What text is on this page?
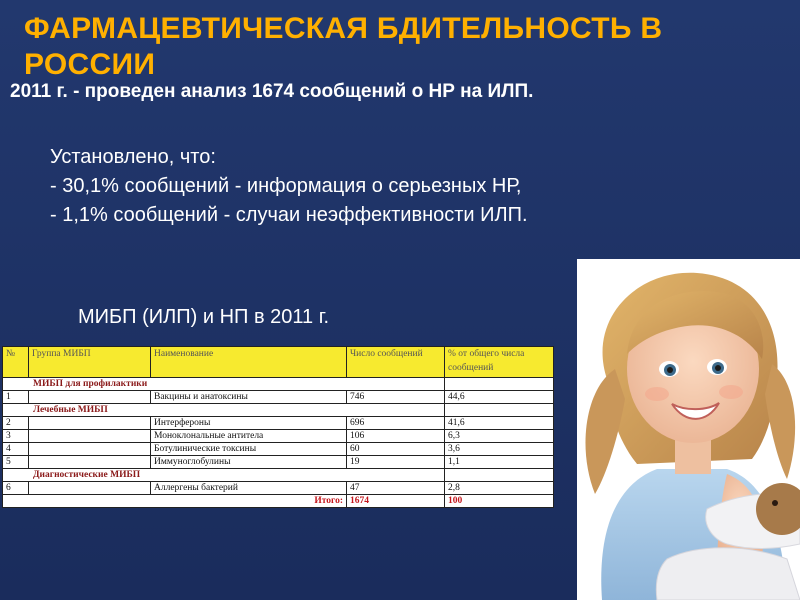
ФАРМАЦЕВТИЧЕСКАЯ БДИТЕЛЬНОСТЬ В РОССИИ

2011 г. - проведен анализ 1674 сообщений о НР на ИЛП.

Установлено, что:
- 30,1% сообщений - информация о серьезных НР,
- 1,1% сообщений - случаи неэффективности ИЛП.
МИБП (ИЛП) и НП в 2011 г.
№	Группа МИБП	Наименование	Число сообщений	% от общего числа сообщений
МИБП для профилактики				
1		Вакцины и анатоксины	746	44,6
Лечебные МИБП				
2		Интерфероны	696	41,6
3		Моноклональные антитела	106	6,3
4		Ботулинические токсины	60	3,6
5		Иммуноглобулины	19	1,1
Диагностические МИБП				
6		Аллергены бактерий	47	2,8
Итого:			1674	100
